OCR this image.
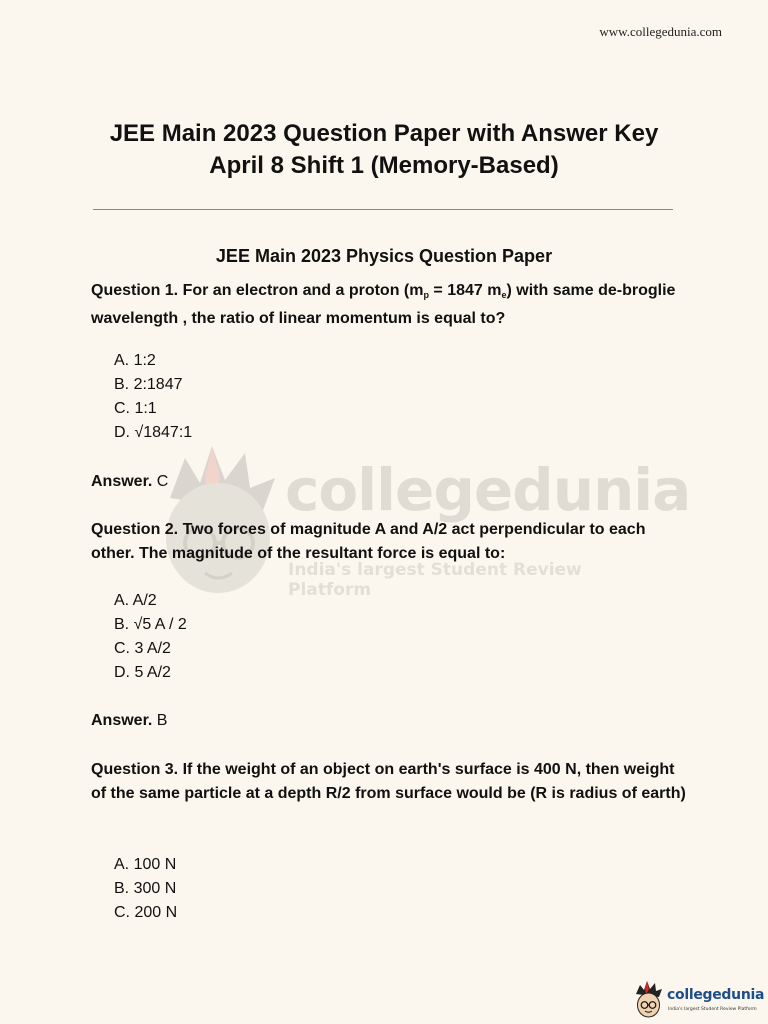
www.collegedunia.com
JEE Main 2023 Question Paper with Answer Key
April 8 Shift 1 (Memory-Based)
JEE Main 2023 Physics Question Paper
collegedunia
India's largest Student Review Platform
Question 1. For an electron and a proton ($m_p = 1847$ $m_e$) with same de-broglie wavelength , the ratio of linear momentum is equal to?
A. 1:2
B. 2:1847
C. 1:1
D. √1847:1
Answer. C
Question 2. Two forces of magnitude A and A/2 act perpendicular to each other. The magnitude of the resultant force is equal to:
A. A/2
B. √5 A / 2
C. 3 A/2
D. 5 A/2
Answer. B
Question 3. If the weight of an object on earth's surface is 400 N, then weight of the same particle at a depth R/2 from surface would be (R is radius of earth)
A. 100 N
B. 300 N
C. 200 N
collegedunia
India's largest Student Review Platform
